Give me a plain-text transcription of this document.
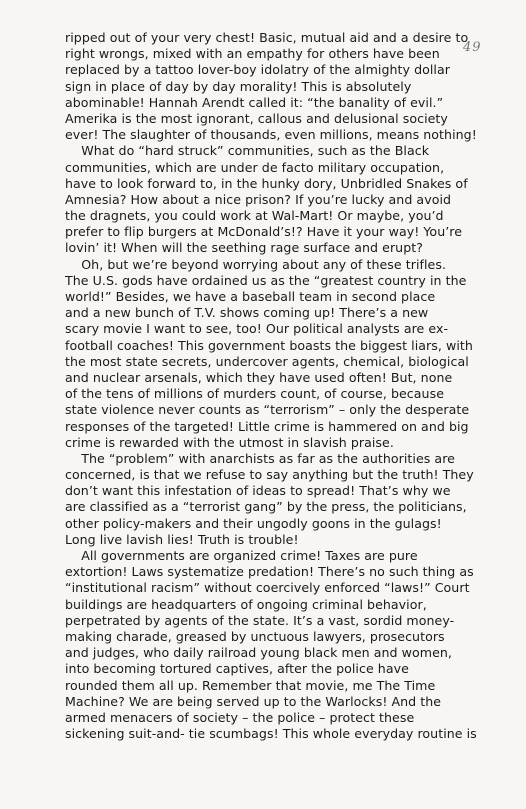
49
ripped out of your very chest! Basic, mutual aid and a desire to
right wrongs, mixed with an empathy for others have been
replaced by a tattoo lover-boy idolatry of the almighty dollar
sign in place of day by day morality! This is absolutely
abominable! Hannah Arendt called it: “the banality of evil.”
Amerika is the most ignorant, callous and delusional society
ever! The slaughter of thousands, even millions, means nothing!
What do “hard struck” communities, such as the Black
communities, which are under de facto military occupation,
have to look forward to, in the hunky dory, Unbridled Snakes of
Amnesia? How about a nice prison? If you’re lucky and avoid
the dragnets, you could work at Wal-Mart! Or maybe, you’d
prefer to flip burgers at McDonald’s!? Have it your way! You’re
lovin’ it! When will the seething rage surface and erupt?
Oh, but we’re beyond worrying about any of these trifles.
The U.S. gods have ordained us as the “greatest country in the
world!” Besides, we have a baseball team in second place
and a new bunch of T.V. shows coming up! There’s a new
scary movie I want to see, too! Our political analysts are ex-
football coaches! This government boasts the biggest liars, with
the most state secrets, undercover agents, chemical, biological
and nuclear arsenals, which they have used often! But, none
of the tens of millions of murders count, of course, because
state violence never counts as “terrorism” – only the desperate
responses of the targeted! Little crime is hammered on and big
crime is rewarded with the utmost in slavish praise.
The “problem” with anarchists as far as the authorities are
concerned, is that we refuse to say anything but the truth! They
don’t want this infestation of ideas to spread! That’s why we
are classified as a “terrorist gang” by the press, the politicians,
other policy-makers and their ungodly goons in the gulags!
Long live lavish lies! Truth is trouble!
All governments are organized crime! Taxes are pure
extortion! Laws systematize predation! There’s no such thing as
“institutional racism” without coercively enforced “laws!” Court
buildings are headquarters of ongoing criminal behavior,
perpetrated by agents of the state. It’s a vast, sordid money-
making charade, greased by unctuous lawyers, prosecutors
and judges, who daily railroad young black men and women,
into becoming tortured captives, after the police have
rounded them all up. Remember that movie, me The Time
Machine? We are being served up to the Warlocks! And the
armed menacers of society – the police – protect these
sickening suit-and- tie scumbags! This whole everyday routine is
